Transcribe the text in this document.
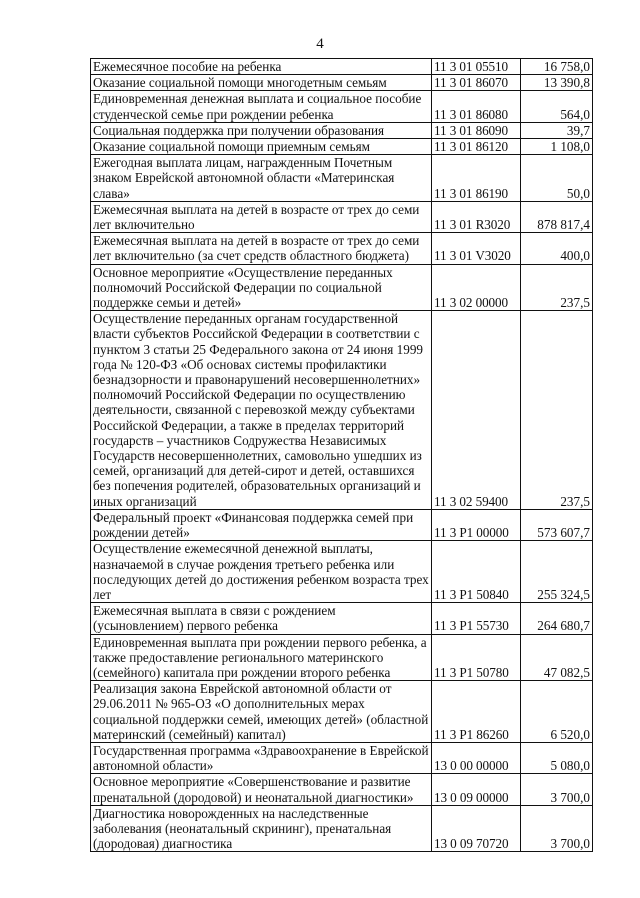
4
Ежемесячное пособие на ребенка	11 3 01 05510	16 758,0
Оказание социальной помощи многодетным семьям	11 3 01 86070	13 390,8
Единовременная денежная выплата и социальное пособие студенческой семье при рождении ребенка	11 3 01 86080	564,0
Социальная поддержка при получении образования	11 3 01 86090	39,7
Оказание социальной помощи приемным семьям	11 3 01 86120	1 108,0
Ежегодная выплата лицам, награжденным Почетным знаком Еврейской автономной области «Материнская слава»	11 3 01 86190	50,0
Ежемесячная выплата на детей в возрасте от трех до семи лет включительно	11 3 01 R3020	878 817,4
Ежемесячная выплата на детей в возрасте от трех до семи лет включительно (за счет средств областного бюджета)	11 3 01 V3020	400,0
Основное мероприятие «Осуществление переданных полномочий Российской Федерации по социальной поддержке семьи и детей»	11 3 02 00000	237,5
Осуществление переданных органам государственной власти субъектов Российской Федерации в соответствии с пунктом 3 статьи 25 Федерального закона от 24 июня 1999 года № 120-ФЗ «Об основах системы профилактики безнадзорности и правонарушений несовершеннолетних» полномочий Российской Федерации по осуществлению деятельности, связанной с перевозкой между субъектами Российской Федерации, а также в пределах территорий государств – участников Содружества Независимых Государств несовершеннолетних, самовольно ушедших из семей, организаций для детей-сирот и детей, оставшихся без попечения родителей, образовательных организаций и иных организаций	11 3 02 59400	237,5
Федеральный проект «Финансовая поддержка семей при рождении детей»	11 3 P1 00000	573 607,7
Осуществление ежемесячной денежной выплаты, назначаемой в случае рождения третьего ребенка или последующих детей до достижения ребенком возраста трех лет	11 3 P1 50840	255 324,5
Ежемесячная выплата в связи с рождением (усыновлением) первого ребенка	11 3 P1 55730	264 680,7
Единовременная выплата при рождении первого ребенка, а также предоставление регионального материнского (семейного) капитала при рождении второго ребенка	11 3 P1 50780	47 082,5
Реализация закона Еврейской автономной области от 29.06.2011 № 965-ОЗ «О дополнительных мерах социальной поддержки семей, имеющих детей» (областной материнский (семейный) капитал)	11 3 P1 86260	6 520,0
Государственная программа «Здравоохранение в Еврейской автономной области»	13 0 00 00000	5 080,0
Основное мероприятие «Совершенствование и развитие пренатальной (дородовой) и неонатальной диагностики»	13 0 09 00000	3 700,0
Диагностика новорожденных на наследственные заболевания (неонатальный скрининг), пренатальная (дородовая) диагностика	13 0 09 70720	3 700,0
